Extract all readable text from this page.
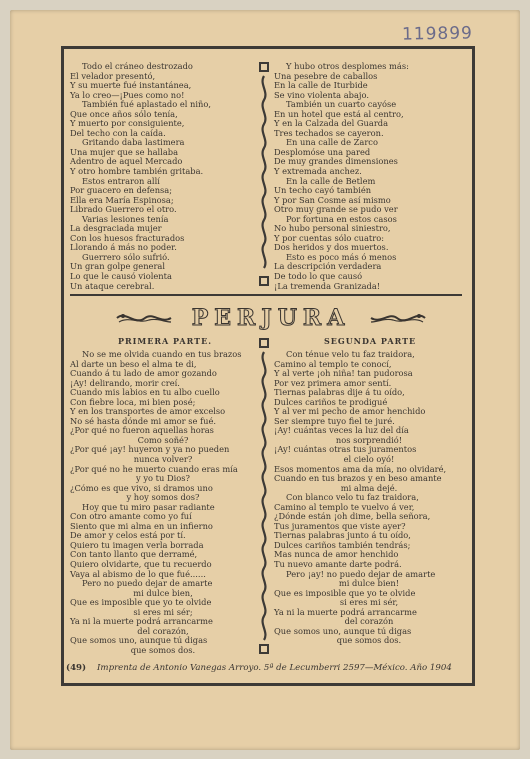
119899
Todo el cráneo destrozado
El velador presentó,
Y su muerte fué instantánea,
Ya lo creo—¡Pues como no!
También fué aplastado el niño,
Que once años sólo tenía,
Y muerto por consiguiente,
Del techo con la caída.
Gritando daba lastimera
Una mujer que se hallaba
Adentro de aquel Mercado
Y otro hombre también gritaba.
Estos entraron allí
Por guacero en defensa;
Ella era María Espinosa;
Librado Guerrero el otro.
Varias lesiones tenía
La desgraciada mujer
Con los huesos fracturados
Llorando á más no poder.
Guerrero sólo sufrió.
Un gran golpe general
Lo que le causó violenta
Un ataque cerebral.
Y hubo otros desplomes más:
Una pesebre de caballos
En la calle de Iturbide
Se vino violenta abajo.
También un cuarto cayóse
En un hotel que está al centro,
Y en la Calzada del Guarda
Tres techados se cayeron.
En una calle de Zarco
Desplomóse una pared
De muy grandes dimensiones
Y extremada anchez.
En la calle de Betlem
Un techo cayó también
Y por San Cosme así mismo
Otro muy grande se pudo ver
Por fortuna en estos casos
No hubo personal siniestro,
Y por cuentas sólo cuatro:
Dos heridos y dos muertos.
Esto es poco más ó menos
La descripción verdadera
De todo lo que causó
¡La tremenda Granizada!
PERJURA
PRIMERA PARTE.	SEGUNDA PARTE
No se me olvida cuando en tus brazos
Al darte un beso el alma te di,
Cuando á tu lado de amor gozando
¡Ay! delirando, morir creí.
Cuando mis labios en tu albo cuello
Con fiebre loca, mi bien posé;
Y en los transportes de amor excelso
No sé hasta dónde mi amor se fué.
¿Por qué no fueron aquellas horas
Como soñé?
¿Por qué ¡ay! huyeron y ya no pueden
nunca volver?
¿Por qué no he muerto cuando eras mía
y yo tu Dios?
¿Cómo es que vivo, si dramos uno
y hoy somos dos?
Hoy que tu miro pasar radiante
Con otro amante como yo fuí
Siento que mi alma en un infierno
De amor y celos está por tí.
Quiero tu imagen verla borrada
Con tanto llanto que derramé,
Quiero olvidarte, que tu recuerdo
Vaya al abismo de lo que fué......
Pero no puedo dejar de amarte
mi dulce bien,
Que es imposible que yo te olvide
si eres mi sér;
Ya ni la muerte podrá arrancarme
del corazón,
Que somos uno, aunque tú digas
que somos dos.
Con ténue velo tu faz traidora,
Camino al templo te conocí,
Y al verte ¡oh niña! tan pudorosa
Por vez primera amor sentí.
Tiernas palabras dije á tu oído,
Dulces cariños te prodigué
Y al ver mi pecho de amor henchido
Ser siempre tuyo fiel te juré.
¡Ay! cuántas veces la luz del día
nos sorprendió!
¡Ay! cuántas otras tus juramentos
el cielo oyó!
Esos momentos ama da mía, no olvidaré,
Cuando en tus brazos y en beso amante
mi alma dejé.
Con blanco velo tu faz traidora,
Camino al templo te vuelvo á ver,
¿Dónde están ¡oh dime, bella señora,
Tus juramentos que viste ayer?
Tiernas palabras junto á tu oído,
Dulces cariños también tendrás;
Mas nunca de amor henchido
Tu nuevo amante darte podrá.
Pero ¡ay! no puedo dejar de amarte
mi dulce bien!
Que es imposible que yo te olvide
si eres mi sér,
Ya ni la muerte podrá arrancarme
del corazón
Que somos uno, aunque tú digas
que somos dos.
(49) Imprenta de Antonio Vanegas Arroyo. 5ª de Lecumberri 2597—México. Año 1904
